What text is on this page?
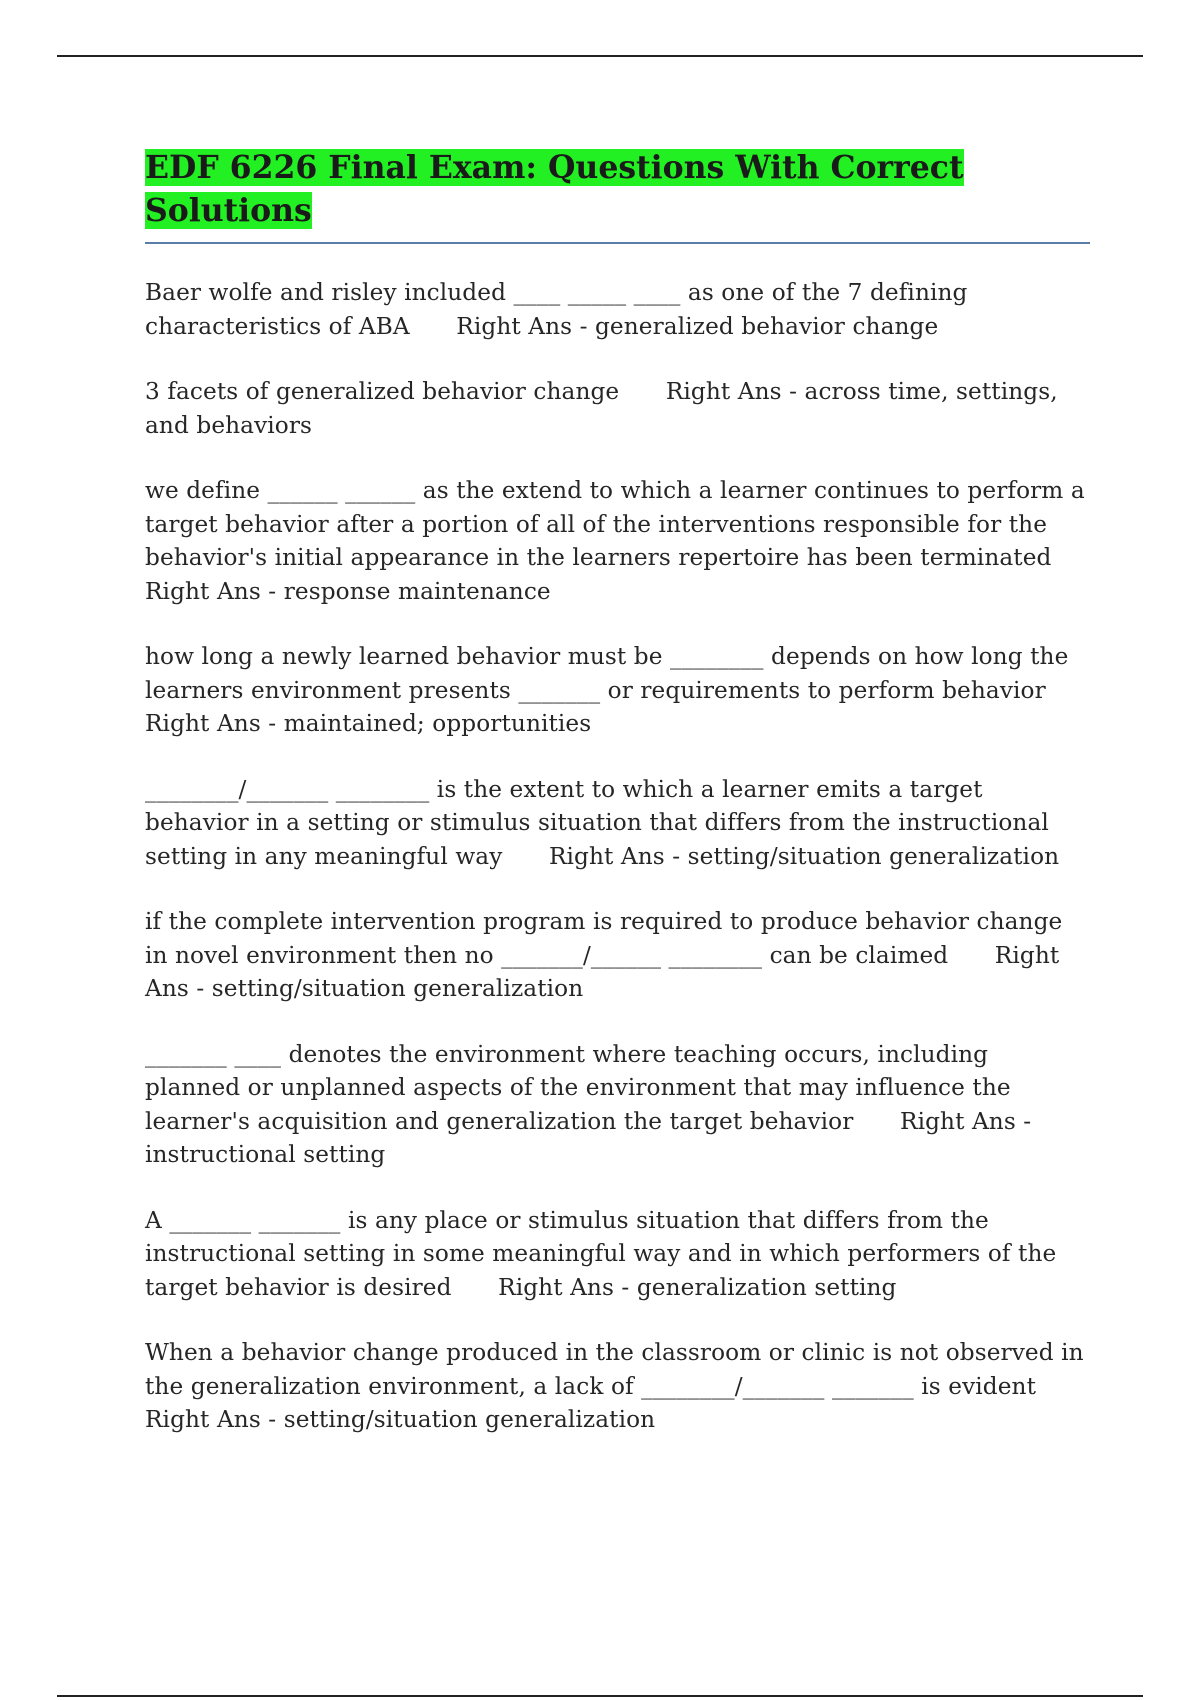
EDF 6226 Final Exam: Questions With Correct Solutions

Baer wolfe and risley included ____ _____ ____ as one of the 7 defining characteristics of ABA   Right Ans - generalized behavior change

3 facets of generalized behavior change   Right Ans - across time, settings, and behaviors

we define ______ ______ as the extend to which a learner continues to perform a target behavior after a portion of all of the interventions responsible for the behavior's initial appearance in the learners repertoire has been terminated
Right Ans - response maintenance

how long a newly learned behavior must be ________ depends on how long the learners environment presents _______ or requirements to perform behavior
Right Ans - maintained; opportunities

________/_______ ________ is the extent to which a learner emits a target behavior in a setting or stimulus situation that differs from the instructional setting in any meaningful way   Right Ans - setting/situation generalization

if the complete intervention program is required to produce behavior change in novel environment then no _______/______ ________ can be claimed   Right Ans - setting/situation generalization

_______ ____ denotes the environment where teaching occurs, including planned or unplanned aspects of the environment that may influence the learner's acquisition and generalization the target behavior   Right Ans - instructional setting

A _______ _______ is any place or stimulus situation that differs from the instructional setting in some meaningful way and in which performers of the target behavior is desired   Right Ans - generalization setting

When a behavior change produced in the classroom or clinic is not observed in the generalization environment, a lack of ________/_______ _______ is evident
Right Ans - setting/situation generalization
